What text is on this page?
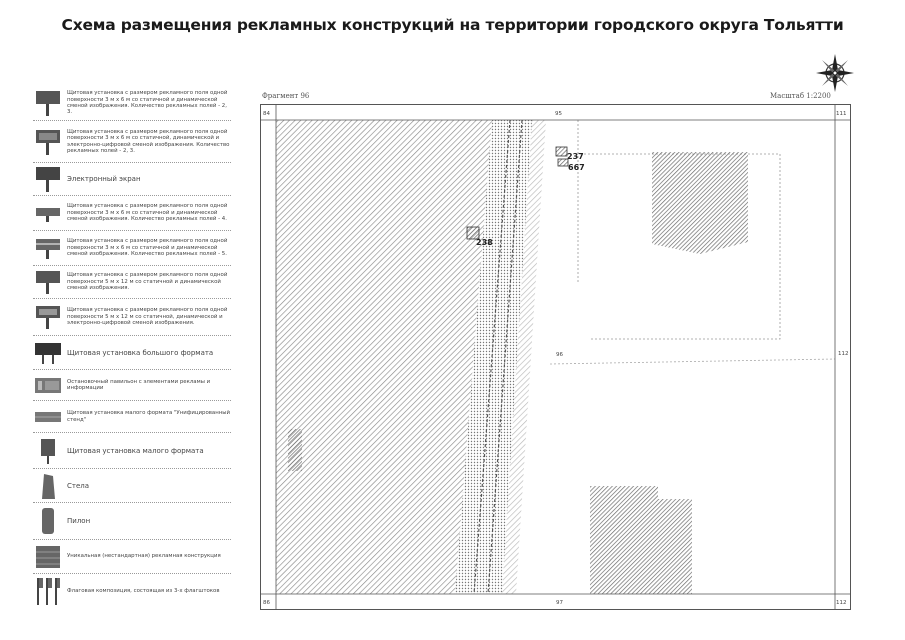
Схема размещения рекламных конструкций на территории городского округа Тольятти
Щитовая установка с размером рекламного поля одной поверхности 3 м х 6 м со статичной и динамической сменой изображения. Количество рекламных полей - 2, 3.
Щитовая установка с размером рекламного поля одной поверхности 3 м х 6 м со статичной, динамической и электронно-цифровой сменой изображения. Количество рекламных полей - 2, 3.
Электронный экран
Щитовая установка с размером рекламного поля одной поверхности 3 м х 6 м со статичной и динамической сменой изображения. Количество рекламных полей - 4.
Щитовая установка с размером рекламного поля одной поверхности 3 м х 6 м со статичной и динамической сменой изображения. Количество рекламных полей - 5.
Щитовая установка с размером рекламного поля одной поверхности 5 м х 12 м со статичной и динамической сменой изображения.
Щитовая установка с размером рекламного поля одной поверхности 5 м х 12 м со статичной, динамической и электронно-цифровой сменой изображения.
Щитовая установка большого формата
Остановочный павильон с элементами рекламы и информации
Щитовая установка малого формата "Унифицированный стенд"
Щитовая установка малого формата
Стела
Пилон
Уникальная (нестандартная) рекламная конструкция
Флаговая композиция, состоящая из 3-х флагштоков
Фрагмент 96	Масштаб 1:2200
84	95	111
96	112
86	97	112
237
667
238
